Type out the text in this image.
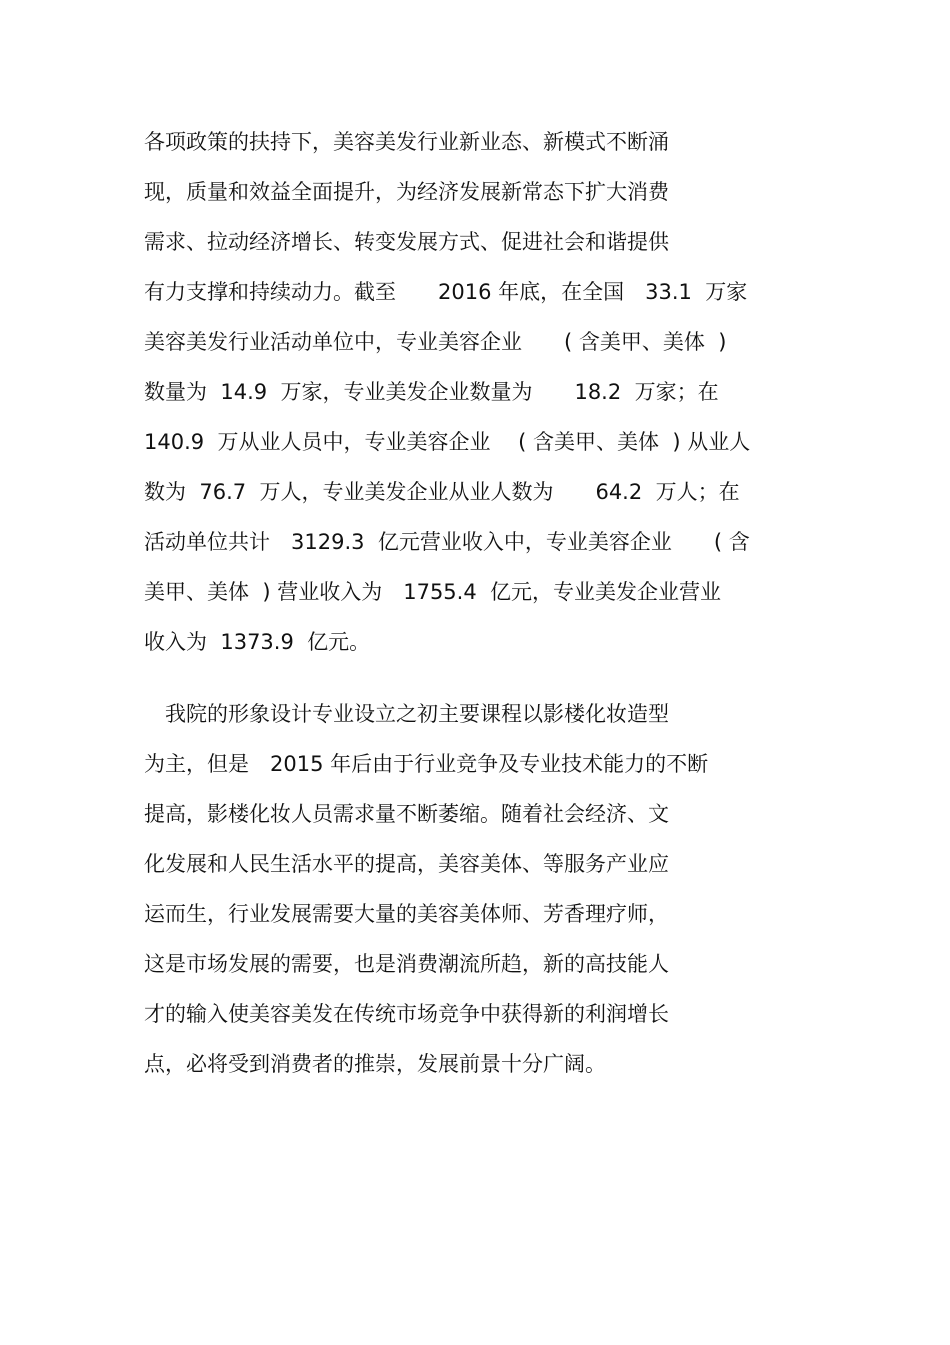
各项政策的扶持下，美容美发行业新业态、新模式不断涌
现，质量和效益全面提升，为经济发展新常态下扩大消费
需求、拉动经济增长、转变发展方式、促进社会和谐提供
有力支撑和持续动力。截至　　2016 年底，在全国　33.1  万家
美容美发行业活动单位中，专业美容企业　　( 含美甲、美体  )
数量为  14.9  万家，专业美发企业数量为　　18.2  万家；在
140.9  万从业人员中，专业美容企业　 ( 含美甲、美体  ) 从业人
数为  76.7  万人，专业美发企业从业人数为　　64.2  万人；在
活动单位共计　3129.3  亿元营业收入中，专业美容企业　　( 含
美甲、美体  ) 营业收入为　1755.4  亿元，专业美发企业营业
收入为  1373.9  亿元。
　我院的形象设计专业设立之初主要课程以影楼化妆造型
为主，但是　2015 年后由于行业竞争及专业技术能力的不断
提高，影楼化妆人员需求量不断萎缩。随着社会经济、文
化发展和人民生活水平的提高，美容美体、等服务产业应
运而生，行业发展需要大量的美容美体师、芳香理疗师，
这是市场发展的需要，也是消费潮流所趋，新的高技能人
才的输入使美容美发在传统市场竞争中获得新的利润增长
点，必将受到消费者的推崇，发展前景十分广阔。
